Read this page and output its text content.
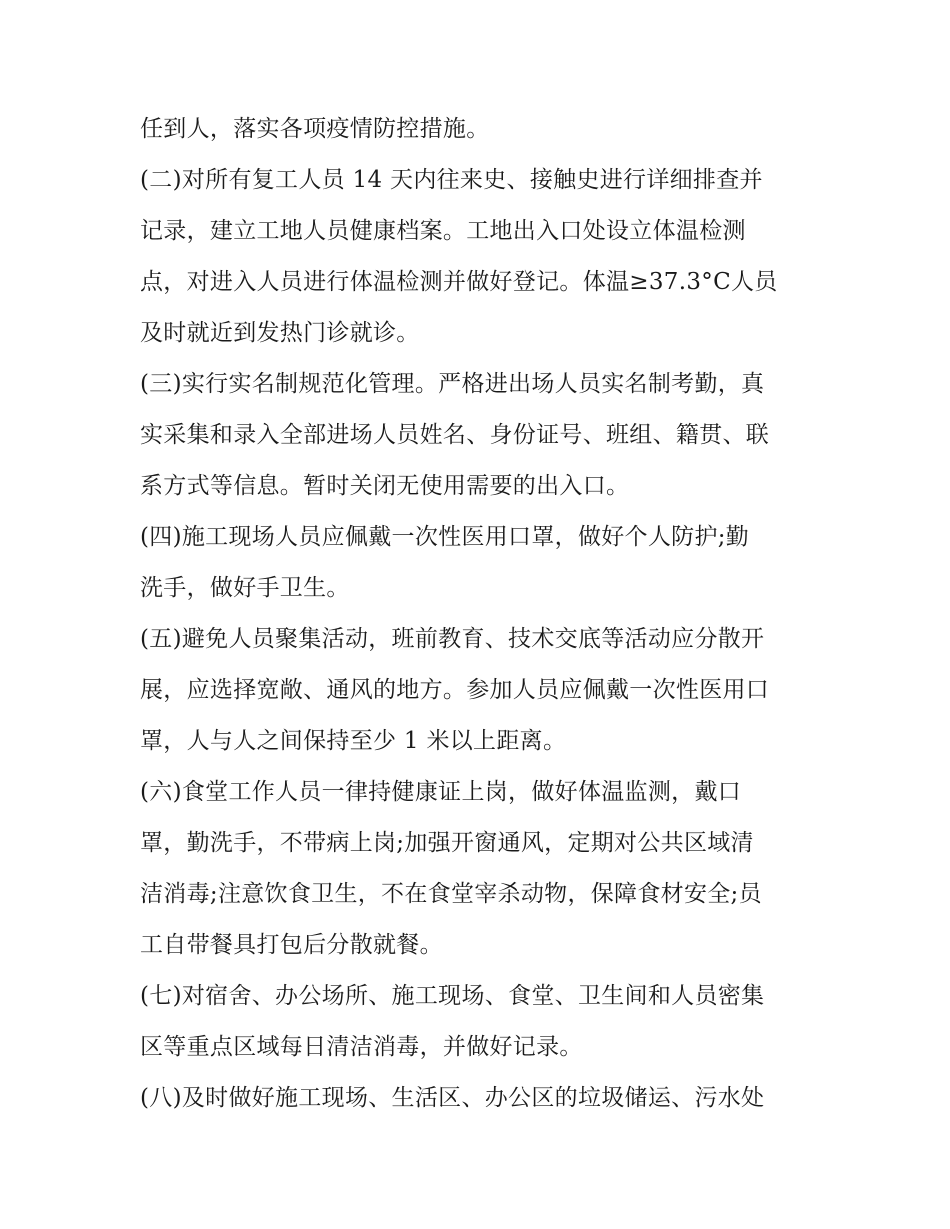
任到人，落实各项疫情防控措施。
(二)对所有复工人员 14 天内往来史、接触史进行详细排查并
记录，建立工地人员健康档案。工地出入口处设立体温检测
点，对进入人员进行体温检测并做好登记。体温≥37.3°C人员
及时就近到发热门诊就诊。
(三)实行实名制规范化管理。严格进出场人员实名制考勤，真
实采集和录入全部进场人员姓名、身份证号、班组、籍贯、联
系方式等信息。暂时关闭无使用需要的出入口。
(四)施工现场人员应佩戴一次性医用口罩，做好个人防护;勤
洗手，做好手卫生。
(五)避免人员聚集活动，班前教育、技术交底等活动应分散开
展，应选择宽敞、通风的地方。参加人员应佩戴一次性医用口
罩，人与人之间保持至少 1 米以上距离。
(六)食堂工作人员一律持健康证上岗，做好体温监测，戴口
罩，勤洗手，不带病上岗;加强开窗通风，定期对公共区域清
洁消毒;注意饮食卫生，不在食堂宰杀动物，保障食材安全;员
工自带餐具打包后分散就餐。
(七)对宿舍、办公场所、施工现场、食堂、卫生间和人员密集
区等重点区域每日清洁消毒，并做好记录。
(八)及时做好施工现场、生活区、办公区的垃圾储运、污水处
